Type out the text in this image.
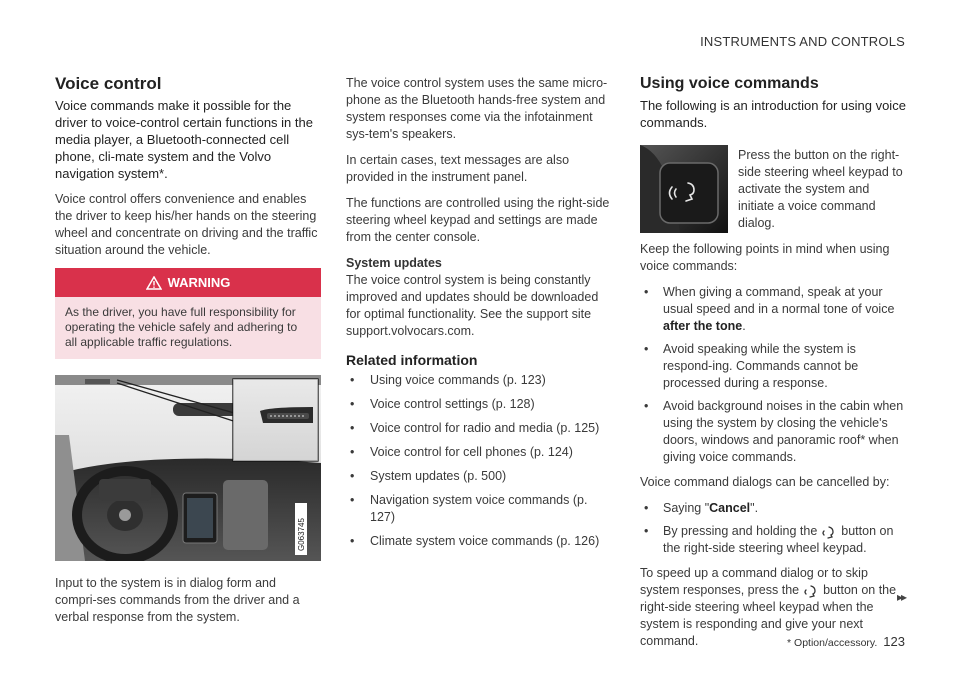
INSTRUMENTS AND CONTROLS
Voice control

Voice commands make it possible for the driver to voice-control certain functions in the media player, a Bluetooth-connected cell phone, cli-mate system and the Volvo navigation system*.

Voice control offers convenience and enables the driver to keep his/her hands on the steering wheel and concentrate on driving and the traffic situation around the vehicle.

WARNING
As the driver, you have full responsibility for operating the vehicle safely and adhering to all applicable traffic regulations.
G063745

Input to the system is in dialog form and compri-ses commands from the driver and a verbal response from the system.

The voice control system uses the same micro-phone as the Bluetooth hands-free system and system responses come via the infotainment sys-tem's speakers.

In certain cases, text messages are also provided in the instrument panel.

The functions are controlled using the right-side steering wheel keypad and settings are made from the center console.

System updates

The voice control system is being constantly improved and updates should be downloaded for optimal functionality. See the support site support.volvocars.com.

Related information
• Using voice commands (p. 123)
• Voice control settings (p. 128)
• Voice control for radio and media (p. 125)
• Voice control for cell phones (p. 124)
• System updates (p. 500)
• Navigation system voice commands (p. 127)
• Climate system voice commands (p. 126)
Using voice commands

The following is an introduction for using voice commands.

Press the button on the right-side steering wheel keypad to activate the system and initiate a voice command dialog.

Keep the following points in mind when using voice commands:

• When giving a command, speak at your usual speed and in a normal tone of voice after the tone.
• Avoid speaking while the system is respond-ing. Commands cannot be processed during a response.
• Avoid background noises in the cabin when using the system by closing the vehicle's doors, windows and panoramic roof* when giving voice commands.

Voice command dialogs can be cancelled by:

• Saying "Cancel".
• By pressing and holding the button on the right-side steering wheel keypad.

To speed up a command dialog or to skip system responses, press the button on the right-side steering wheel keypad when the system is responding and give your next command.

▸▸
* Option/accessory. 123
